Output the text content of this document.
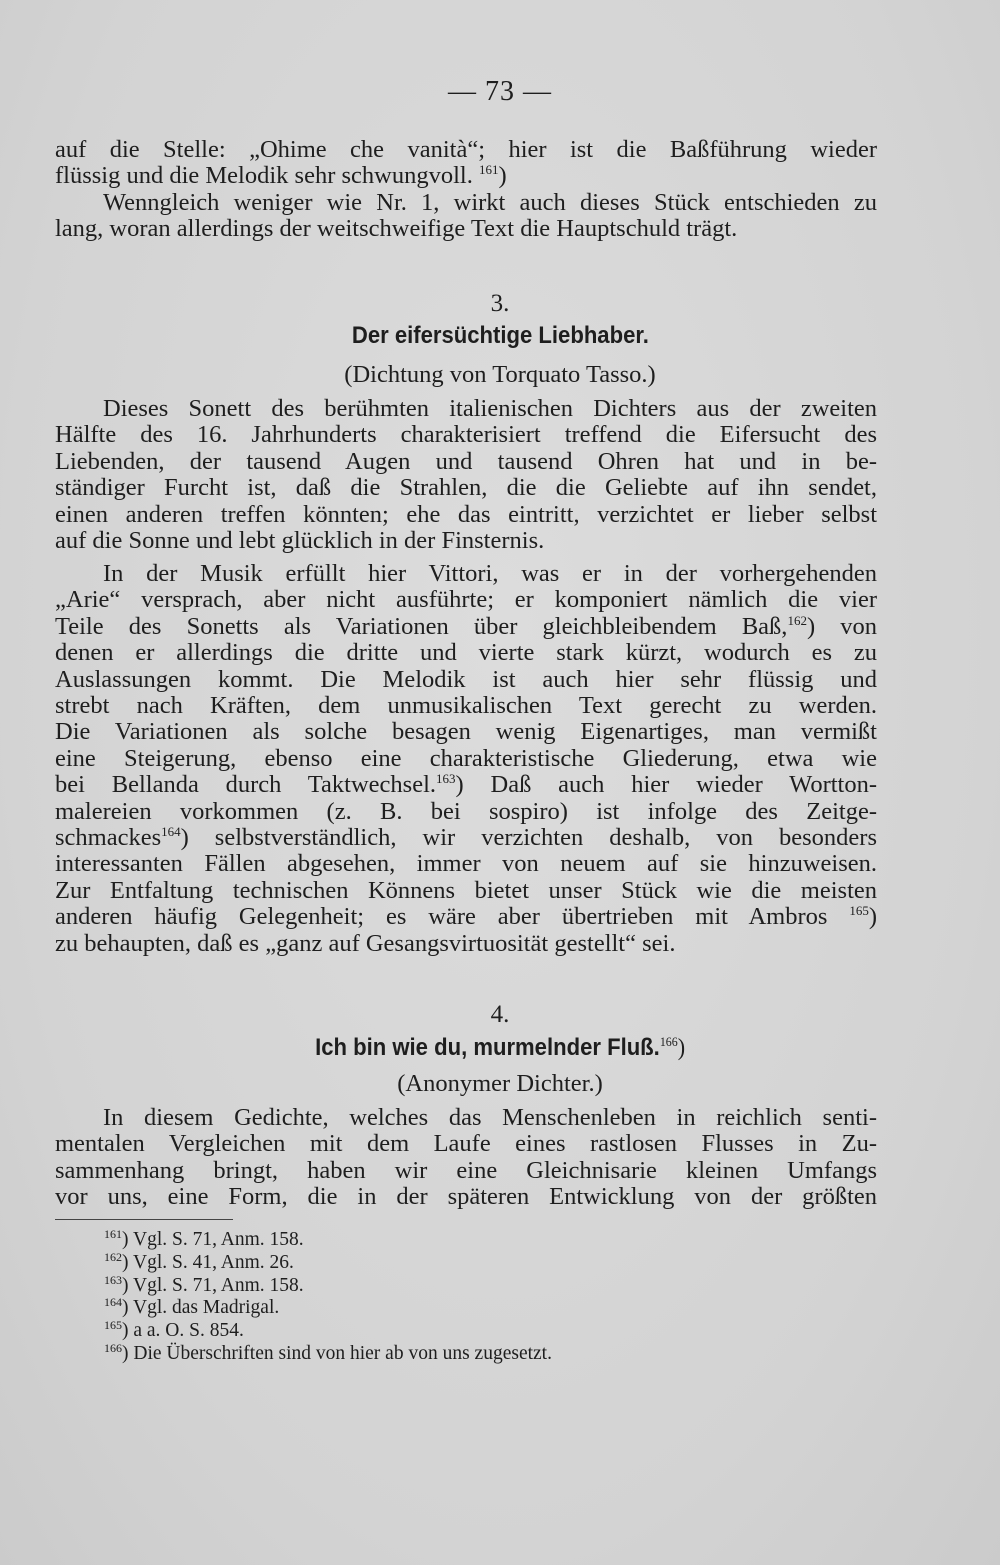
— 73 —
auf die Stelle: „Ohime che vanità“; hier ist die Baßführung wieder
flüssig und die Melodik sehr schwungvoll. $^{161}$)
Wenngleich weniger wie Nr. 1, wirkt auch dieses Stück entschieden zu
lang, woran allerdings der weitschweifige Text die Hauptschuld trägt.
3.
Der eifersüchtige Liebhaber.
(Dichtung von Torquato Tasso.)
Dieses Sonett des berühmten italienischen Dichters aus der zweiten
Hälfte des 16. Jahrhunderts charakterisiert treffend die Eifersucht des
Liebenden, der tausend Augen und tausend Ohren hat und in be-
ständiger Furcht ist, daß die Strahlen, die die Geliebte auf ihn sendet,
einen anderen treffen könnten; ehe das eintritt, verzichtet er lieber selbst
auf die Sonne und lebt glücklich in der Finsternis.
In der Musik erfüllt hier Vittori, was er in der vorhergehenden
„Arie“ versprach, aber nicht ausführte; er komponiert nämlich die vier
Teile des Sonetts als Variationen über gleichbleibendem Baß,$^{162}$) von
denen er allerdings die dritte und vierte stark kürzt, wodurch es zu
Auslassungen kommt. Die Melodik ist auch hier sehr flüssig und
strebt nach Kräften, dem unmusikalischen Text gerecht zu werden.
Die Variationen als solche besagen wenig Eigenartiges, man vermißt
eine Steigerung, ebenso eine charakteristische Gliederung, etwa wie
bei Bellanda durch Taktwechsel.$^{163}$) Daß auch hier wieder Wortton-
malereien vorkommen (z. B. bei sospiro) ist infolge des Zeitge-
schmackes$^{164}$) selbstverständlich, wir verzichten deshalb, von besonders
interessanten Fällen abgesehen, immer von neuem auf sie hinzuweisen.
Zur Entfaltung technischen Könnens bietet unser Stück wie die meisten
anderen häufig Gelegenheit; es wäre aber übertrieben mit Ambros $^{165}$)
zu behaupten, daß es „ganz auf Gesangsvirtuosität gestellt“ sei.
4.
Ich bin wie du, murmelnder Fluß.$^{166}$)
(Anonymer Dichter.)
In diesem Gedichte, welches das Menschenleben in reichlich senti-
mentalen Vergleichen mit dem Laufe eines rastlosen Flusses in Zu-
sammenhang bringt, haben wir eine Gleichnisarie kleinen Umfangs
vor uns, eine Form, die in der späteren Entwicklung von der größten
$^{161}$) Vgl. S. 71, Anm. 158.
$^{162}$) Vgl. S. 41, Anm. 26.
$^{163}$) Vgl. S. 71, Anm. 158.
$^{164}$) Vgl. das Madrigal.
$^{165}$) a a. O. S. 854.
$^{166}$) Die Überschriften sind von hier ab von uns zugesetzt.
